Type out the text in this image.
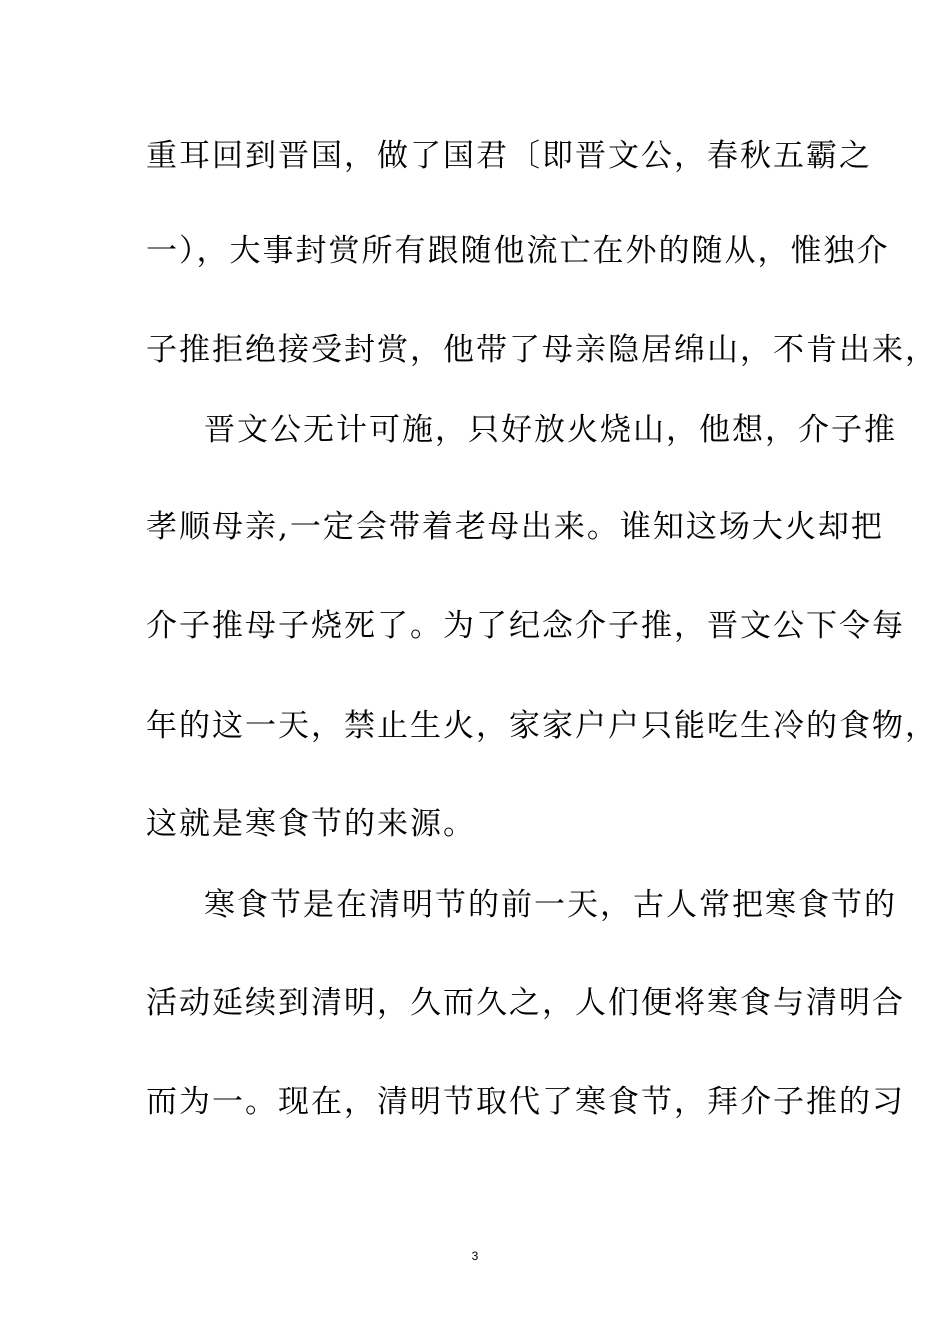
重耳回到晋国，做了国君〔即晋文公，春秋五霸之
一），大事封赏所有跟随他流亡在外的随从，惟独介
子推拒绝接受封赏，他带了母亲隐居绵山，不肯出来，
晋文公无计可施，只好放火烧山，他想，介子推
孝顺母亲,一定会带着老母出来。谁知这场大火却把
介子推母子烧死了。为了纪念介子推，晋文公下令每
年的这一天，禁止生火，家家户户只能吃生冷的食物，
这就是寒食节的来源。
寒食节是在清明节的前一天，古人常把寒食节的
活动延续到清明，久而久之，人们便将寒食与清明合
而为一。现在，清明节取代了寒食节，拜介子推的习
3
